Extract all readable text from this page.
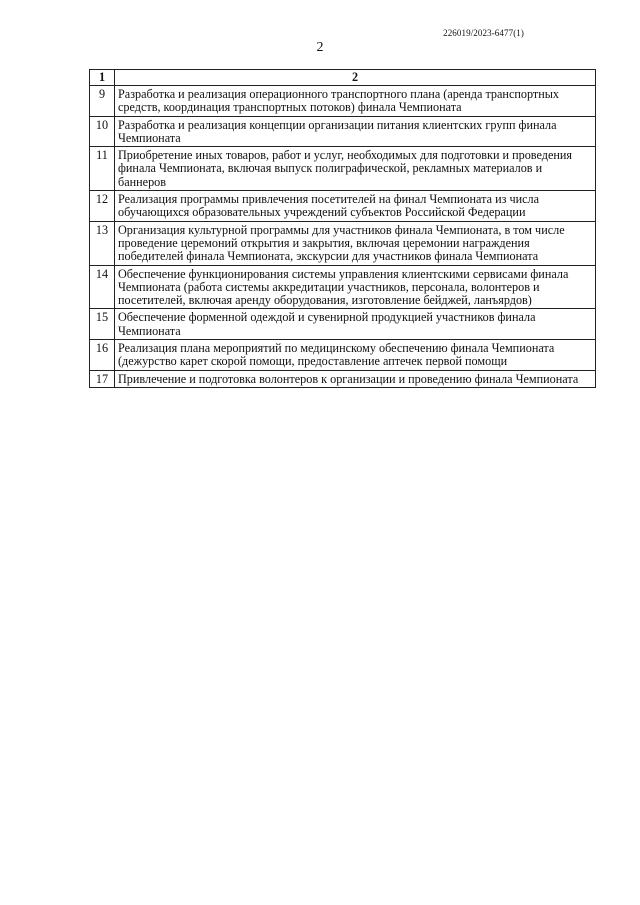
226019/2023-6477(1)
2
1	2
9	Разработка и реализация операционного транспортного плана (аренда транспортных средств, координация транспортных потоков) финала Чемпионата
10	Разработка и реализация концепции организации питания клиентских групп финала Чемпионата
11	Приобретение иных товаров, работ и услуг, необходимых для подготовки и проведения финала Чемпионата, включая выпуск полиграфической, рекламных материалов и баннеров
12	Реализация программы привлечения посетителей на финал Чемпионата из числа обучающихся образовательных учреждений субъектов Российской Федерации
13	Организация культурной программы для участников финала Чемпионата, в том числе проведение церемоний открытия и закрытия, включая церемонии награждения победителей финала Чемпионата, экскурсии для участников финала Чемпионата
14	Обеспечение функционирования системы управления клиентскими сервисами финала Чемпионата (работа системы аккредитации участников, персонала, волонтеров и посетителей, включая аренду оборудования, изготовление бейджей, ланъярдов)
15	Обеспечение форменной одеждой и сувенирной продукцией участников финала Чемпионата
16	Реализация плана мероприятий по медицинскому обеспечению финала Чемпионата (дежурство карет скорой помощи, предоставление аптечек первой помощи
17	Привлечение и подготовка волонтеров к организации и проведению финала Чемпионата
